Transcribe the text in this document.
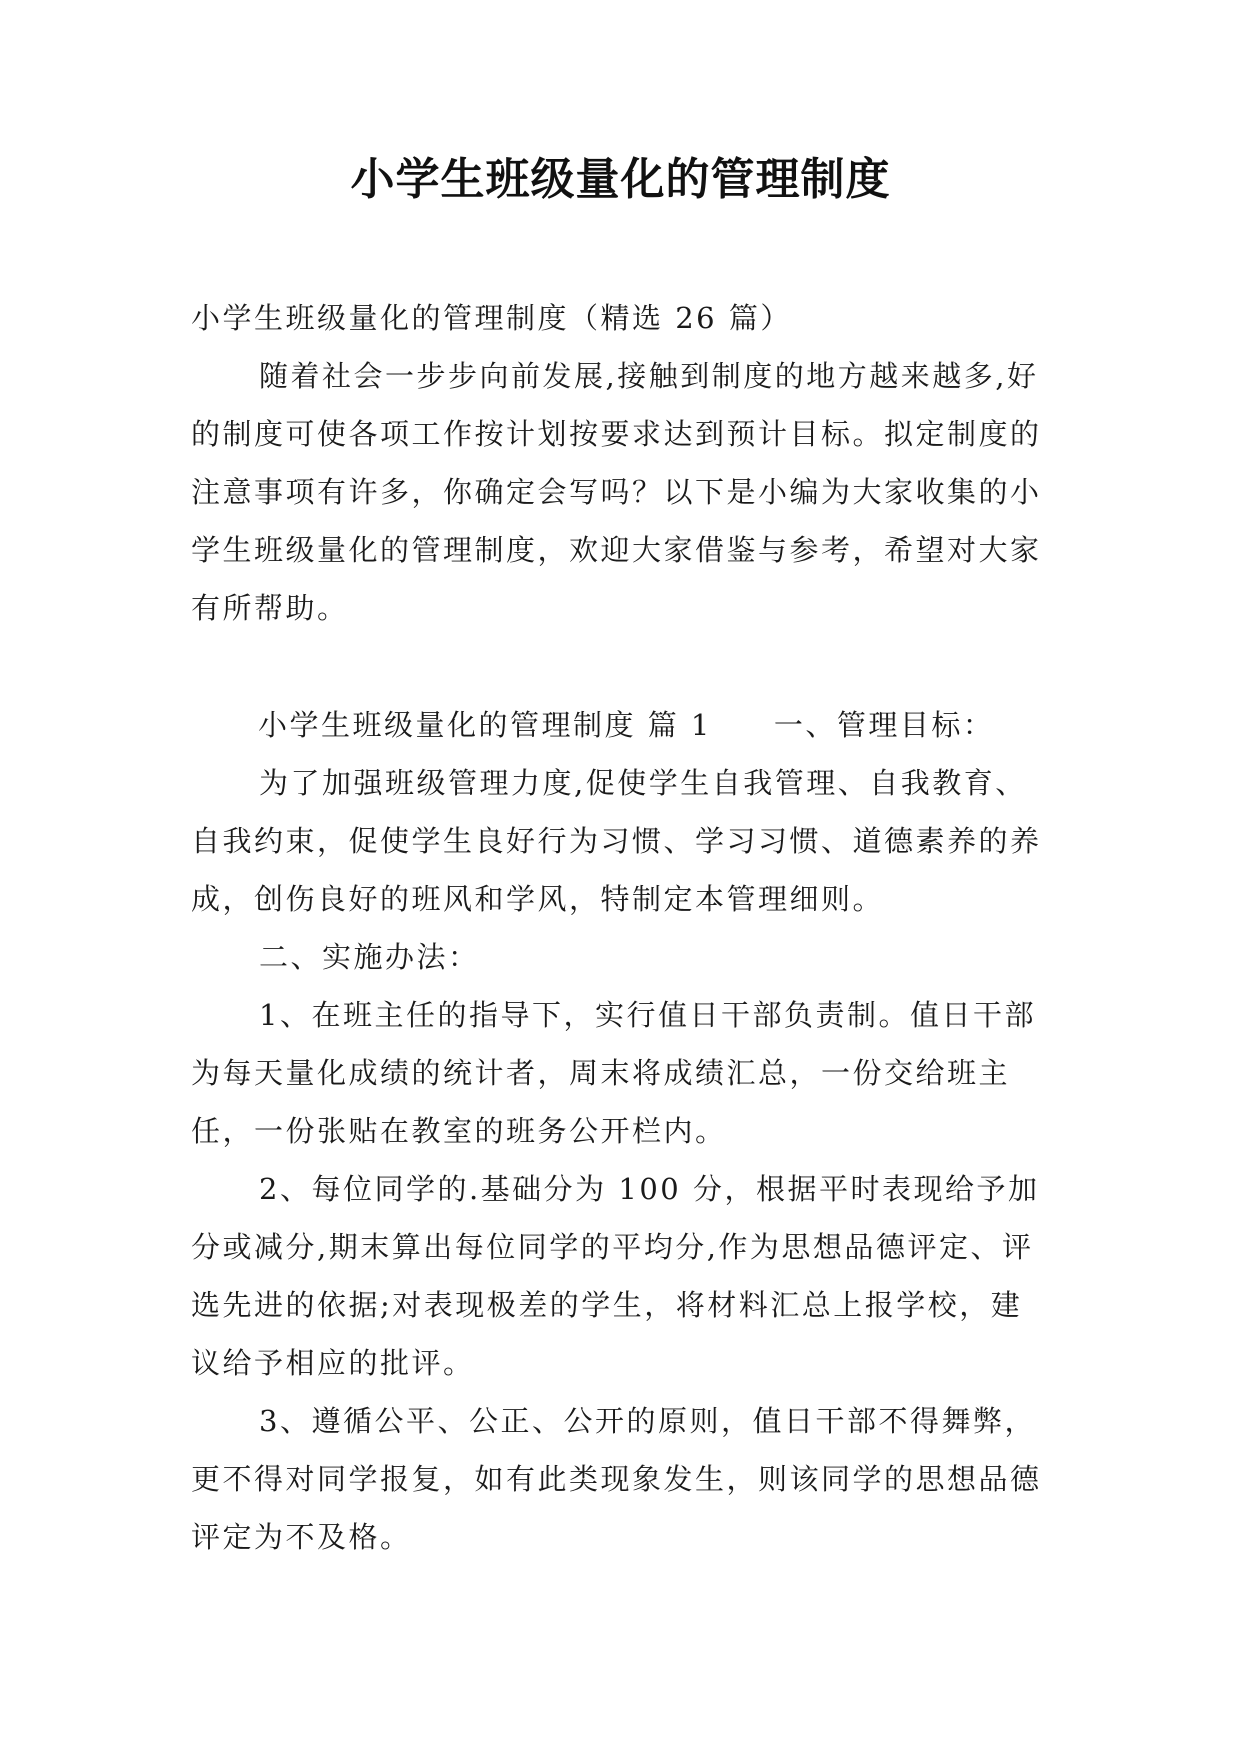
小学生班级量化的管理制度
小学生班级量化的管理制度（精选 26 篇）

随着社会一步步向前发展,接触到制度的地方越来越多,好的制度可使各项工作按计划按要求达到预计目标。拟定制度的注意事项有许多，你确定会写吗？以下是小编为大家收集的小学生班级量化的管理制度，欢迎大家借鉴与参考，希望对大家有所帮助。

小学生班级量化的管理制度 篇 1 一、管理目标：

为了加强班级管理力度,促使学生自我管理、自我教育、自我约束，促使学生良好行为习惯、学习习惯、道德素养的养成，创伤良好的班风和学风，特制定本管理细则。

二、实施办法：

1、在班主任的指导下，实行值日干部负责制。值日干部为每天量化成绩的统计者，周末将成绩汇总，一份交给班主任，一份张贴在教室的班务公开栏内。

2、每位同学的.基础分为 100 分，根据平时表现给予加分或减分,期末算出每位同学的平均分,作为思想品德评定、评选先进的依据;对表现极差的学生，将材料汇总上报学校，建议给予相应的批评。

3、遵循公平、公正、公开的原则，值日干部不得舞弊，更不得对同学报复，如有此类现象发生，则该同学的思想品德评定为不及格。
